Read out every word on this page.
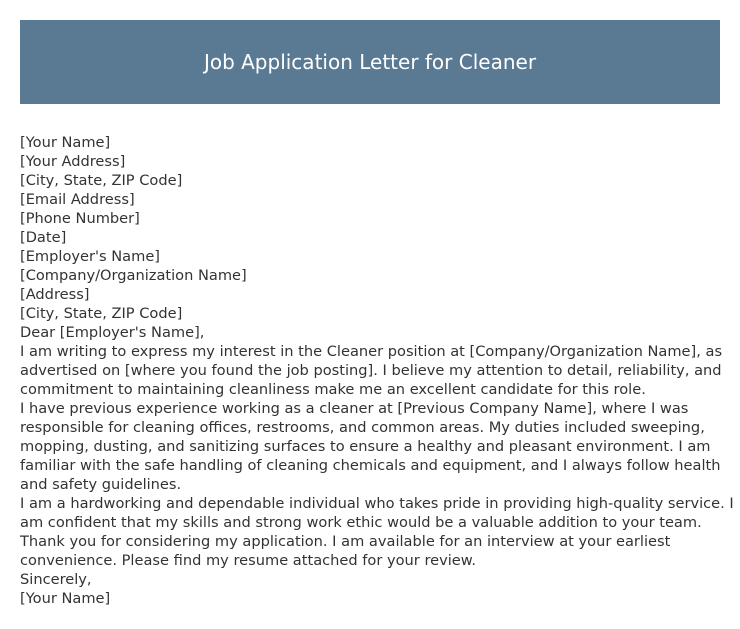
Job Application Letter for Cleaner
[Your Name]
[Your Address]
[City, State, ZIP Code]
[Email Address]
[Phone Number]
[Date]
[Employer's Name]
[Company/Organization Name]
[Address]
[City, State, ZIP Code]
Dear [Employer's Name],
I am writing to express my interest in the Cleaner position at [Company/Organization Name], as
advertised on [where you found the job posting]. I believe my attention to detail, reliability, and
commitment to maintaining cleanliness make me an excellent candidate for this role.
I have previous experience working as a cleaner at [Previous Company Name], where I was
responsible for cleaning offices, restrooms, and common areas. My duties included sweeping,
mopping, dusting, and sanitizing surfaces to ensure a healthy and pleasant environment. I am
familiar with the safe handling of cleaning chemicals and equipment, and I always follow health
and safety guidelines.
I am a hardworking and dependable individual who takes pride in providing high-quality service. I
am confident that my skills and strong work ethic would be a valuable addition to your team.
Thank you for considering my application. I am available for an interview at your earliest
convenience. Please find my resume attached for your review.
Sincerely,
[Your Name]
